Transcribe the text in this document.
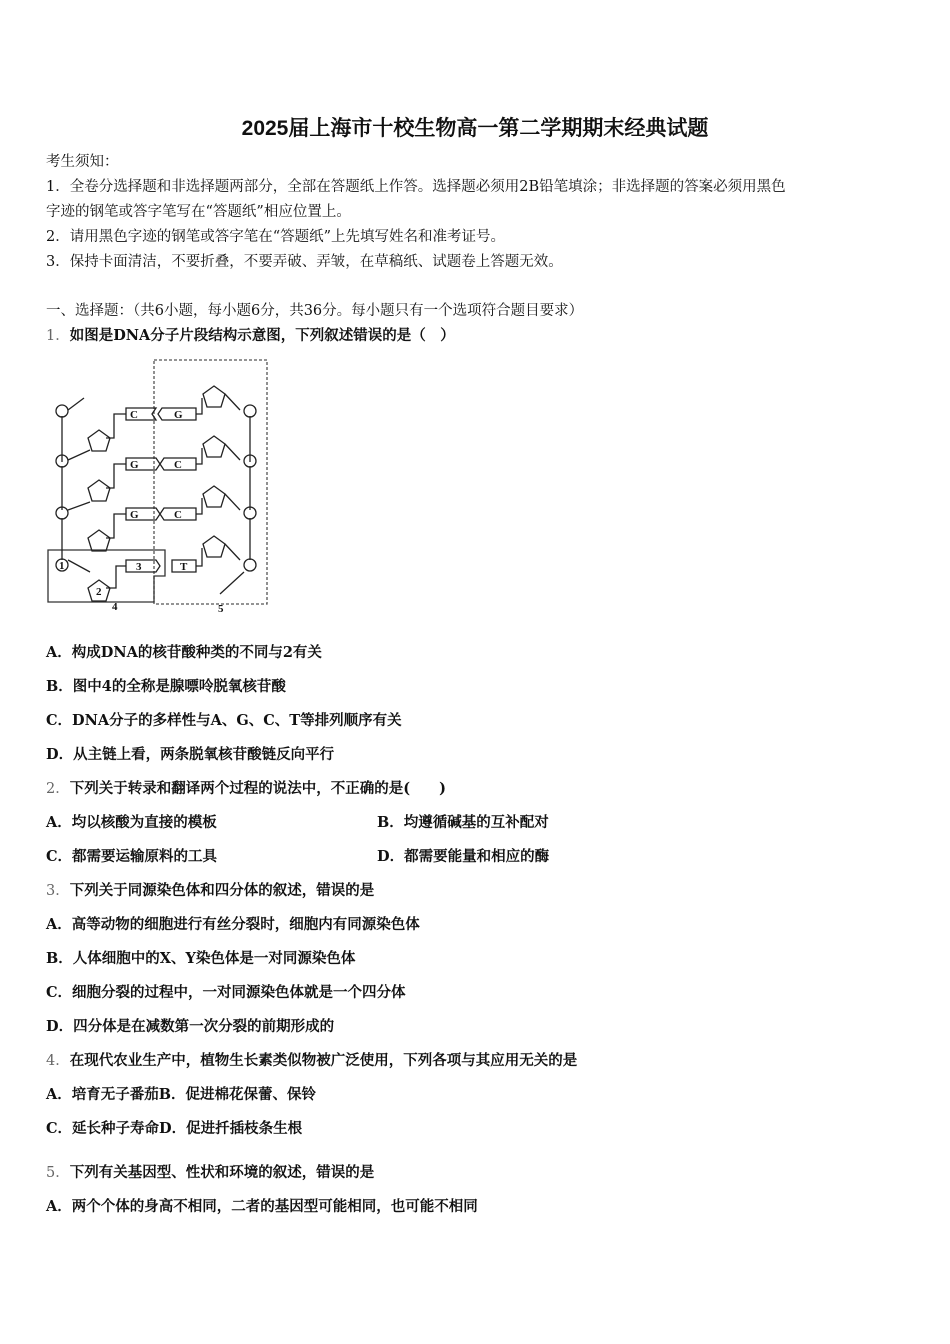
2025届上海市十校生物高一第二学期期末经典试题
考生须知：
1．全卷分选择题和非选择题两部分，全部在答题纸上作答。选择题必须用2B铅笔填涂；非选择题的答案必须用黑色
字迹的钢笔或答字笔写在“答题纸”相应位置上。
2．请用黑色字迹的钢笔或答字笔在“答题纸”上先填写姓名和准考证号。
3．保持卡面清洁，不要折叠，不要弄破、弄皱，在草稿纸、试题卷上答题无效。
一、选择题：（共6小题，每小题6分，共36分。每小题只有一个选项符合题目要求）
1．如图是DNA分子片段结构示意图，下列叙述错误的是（　）
C
G
G
3
G
C
C
T
1
2
4	5
A．构成DNA的核苷酸种类的不同与2有关
B．图中4的全称是腺嘌呤脱氧核苷酸
C．DNA分子的多样性与A、G、C、T等排列顺序有关
D．从主链上看，两条脱氧核苷酸链反向平行
2．下列关于转录和翻译两个过程的说法中，不正确的是(　　)
A．均以核酸为直接的模板	B．均遵循碱基的互补配对
C．都需要运输原料的工具	D．都需要能量和相应的酶
3．下列关于同源染色体和四分体的叙述，错误的是
A．高等动物的细胞进行有丝分裂时，细胞内有同源染色体
B．人体细胞中的X、Y染色体是一对同源染色体
C．细胞分裂的过程中，一对同源染色体就是一个四分体
D．四分体是在减数第一次分裂的前期形成的
4．在现代农业生产中，植物生长素类似物被广泛使用，下列各项与其应用无关的是
A．培育无子番茄B．促进棉花保蕾、保铃
C．延长种子寿命D．促进扦插枝条生根
5．下列有关基因型、性状和环境的叙述，错误的是
A．两个个体的身高不相同，二者的基因型可能相同，也可能不相同
